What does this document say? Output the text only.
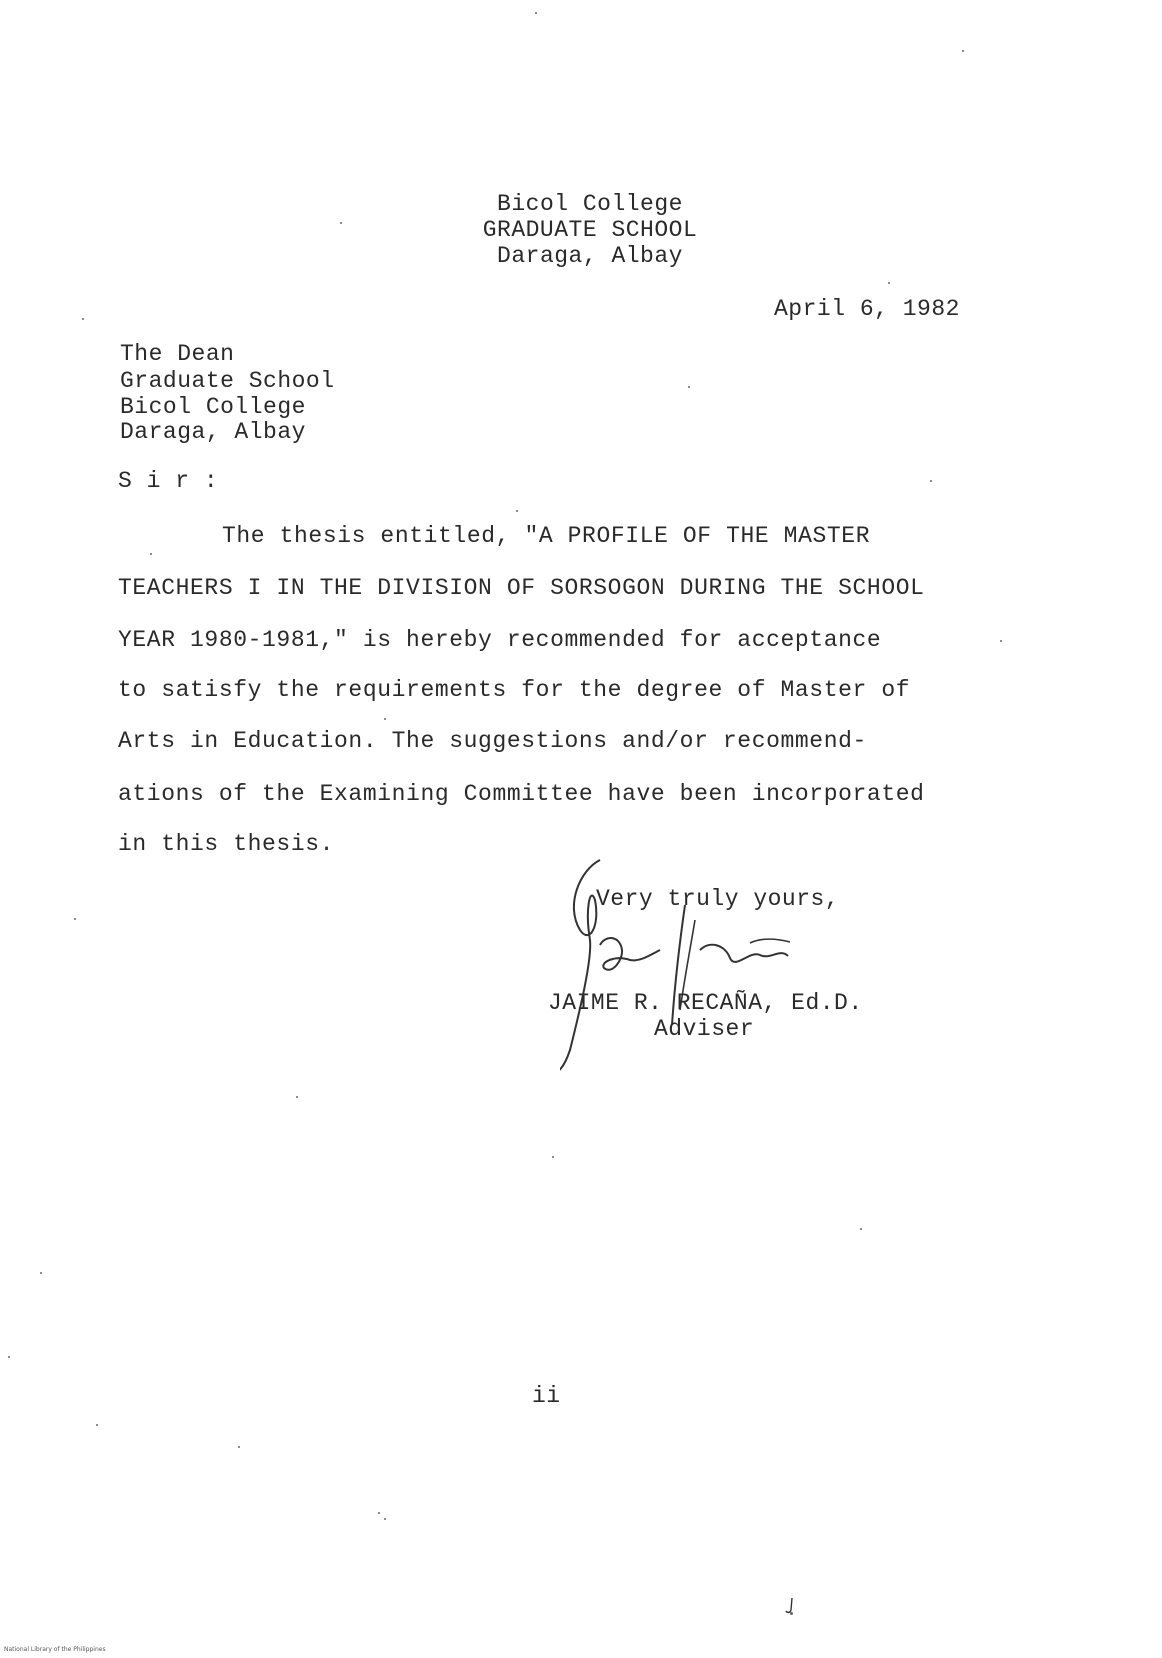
Bicol College
GRADUATE SCHOOL
Daraga, Albay
April 6, 1982
The Dean
Graduate School
Bicol College
Daraga, Albay
S i r :
The thesis entitled, "A PROFILE OF THE MASTER
TEACHERS I IN THE DIVISION OF SORSOGON DURING THE SCHOOL
YEAR 1980-1981," is hereby recommended for acceptance
to satisfy the requirements for the degree of Master of
Arts in Education. The suggestions and/or recommend-
ations of the Examining Committee have been incorporated
in this thesis.
Very truly yours,
JAIME R. RECAÑA, Ed.D.
Adviser
ii
National Library of the Philippines
